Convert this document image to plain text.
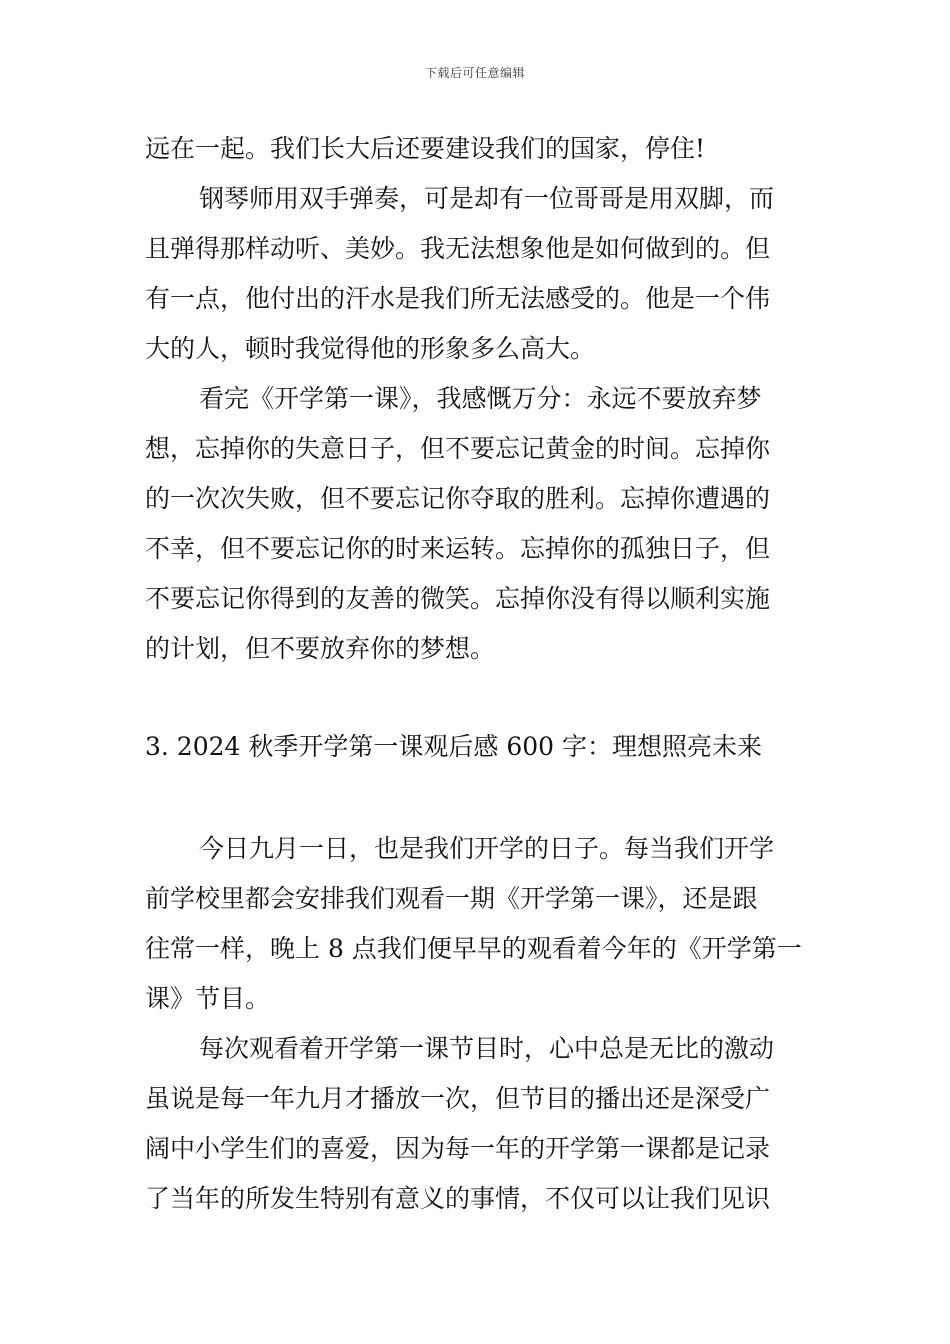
下载后可任意编辑

远在一起。我们长大后还要建设我们的国家，停住!

钢琴师用双手弹奏，可是却有一位哥哥是用双脚，而

且弹得那样动听、美妙。我无法想象他是如何做到的。但

有一点，他付出的汗水是我们所无法感受的。他是一个伟

大的人，顿时我觉得他的形象多么高大。

看完《开学第一课》，我感慨万分：永远不要放弃梦

想，忘掉你的失意日子，但不要忘记黄金的时间。忘掉你

的一次次失败，但不要忘记你夺取的胜利。忘掉你遭遇的

不幸，但不要忘记你的时来运转。忘掉你的孤独日子，但

不要忘记你得到的友善的微笑。忘掉你没有得以顺利实施

的计划，但不要放弃你的梦想。

3. 2024 秋季开学第一课观后感 600 字：理想照亮未来

今日九月一日，也是我们开学的日子。每当我们开学

前学校里都会安排我们观看一期《开学第一课》，还是跟

往常一样，晚上 8 点我们便早早的观看着今年的《开学第一

课》节目。

每次观看着开学第一课节目时，心中总是无比的激动

虽说是每一年九月才播放一次，但节目的播出还是深受广

阔中小学生们的喜爱，因为每一年的开学第一课都是记录

了当年的所发生特别有意义的事情，不仅可以让我们见识
